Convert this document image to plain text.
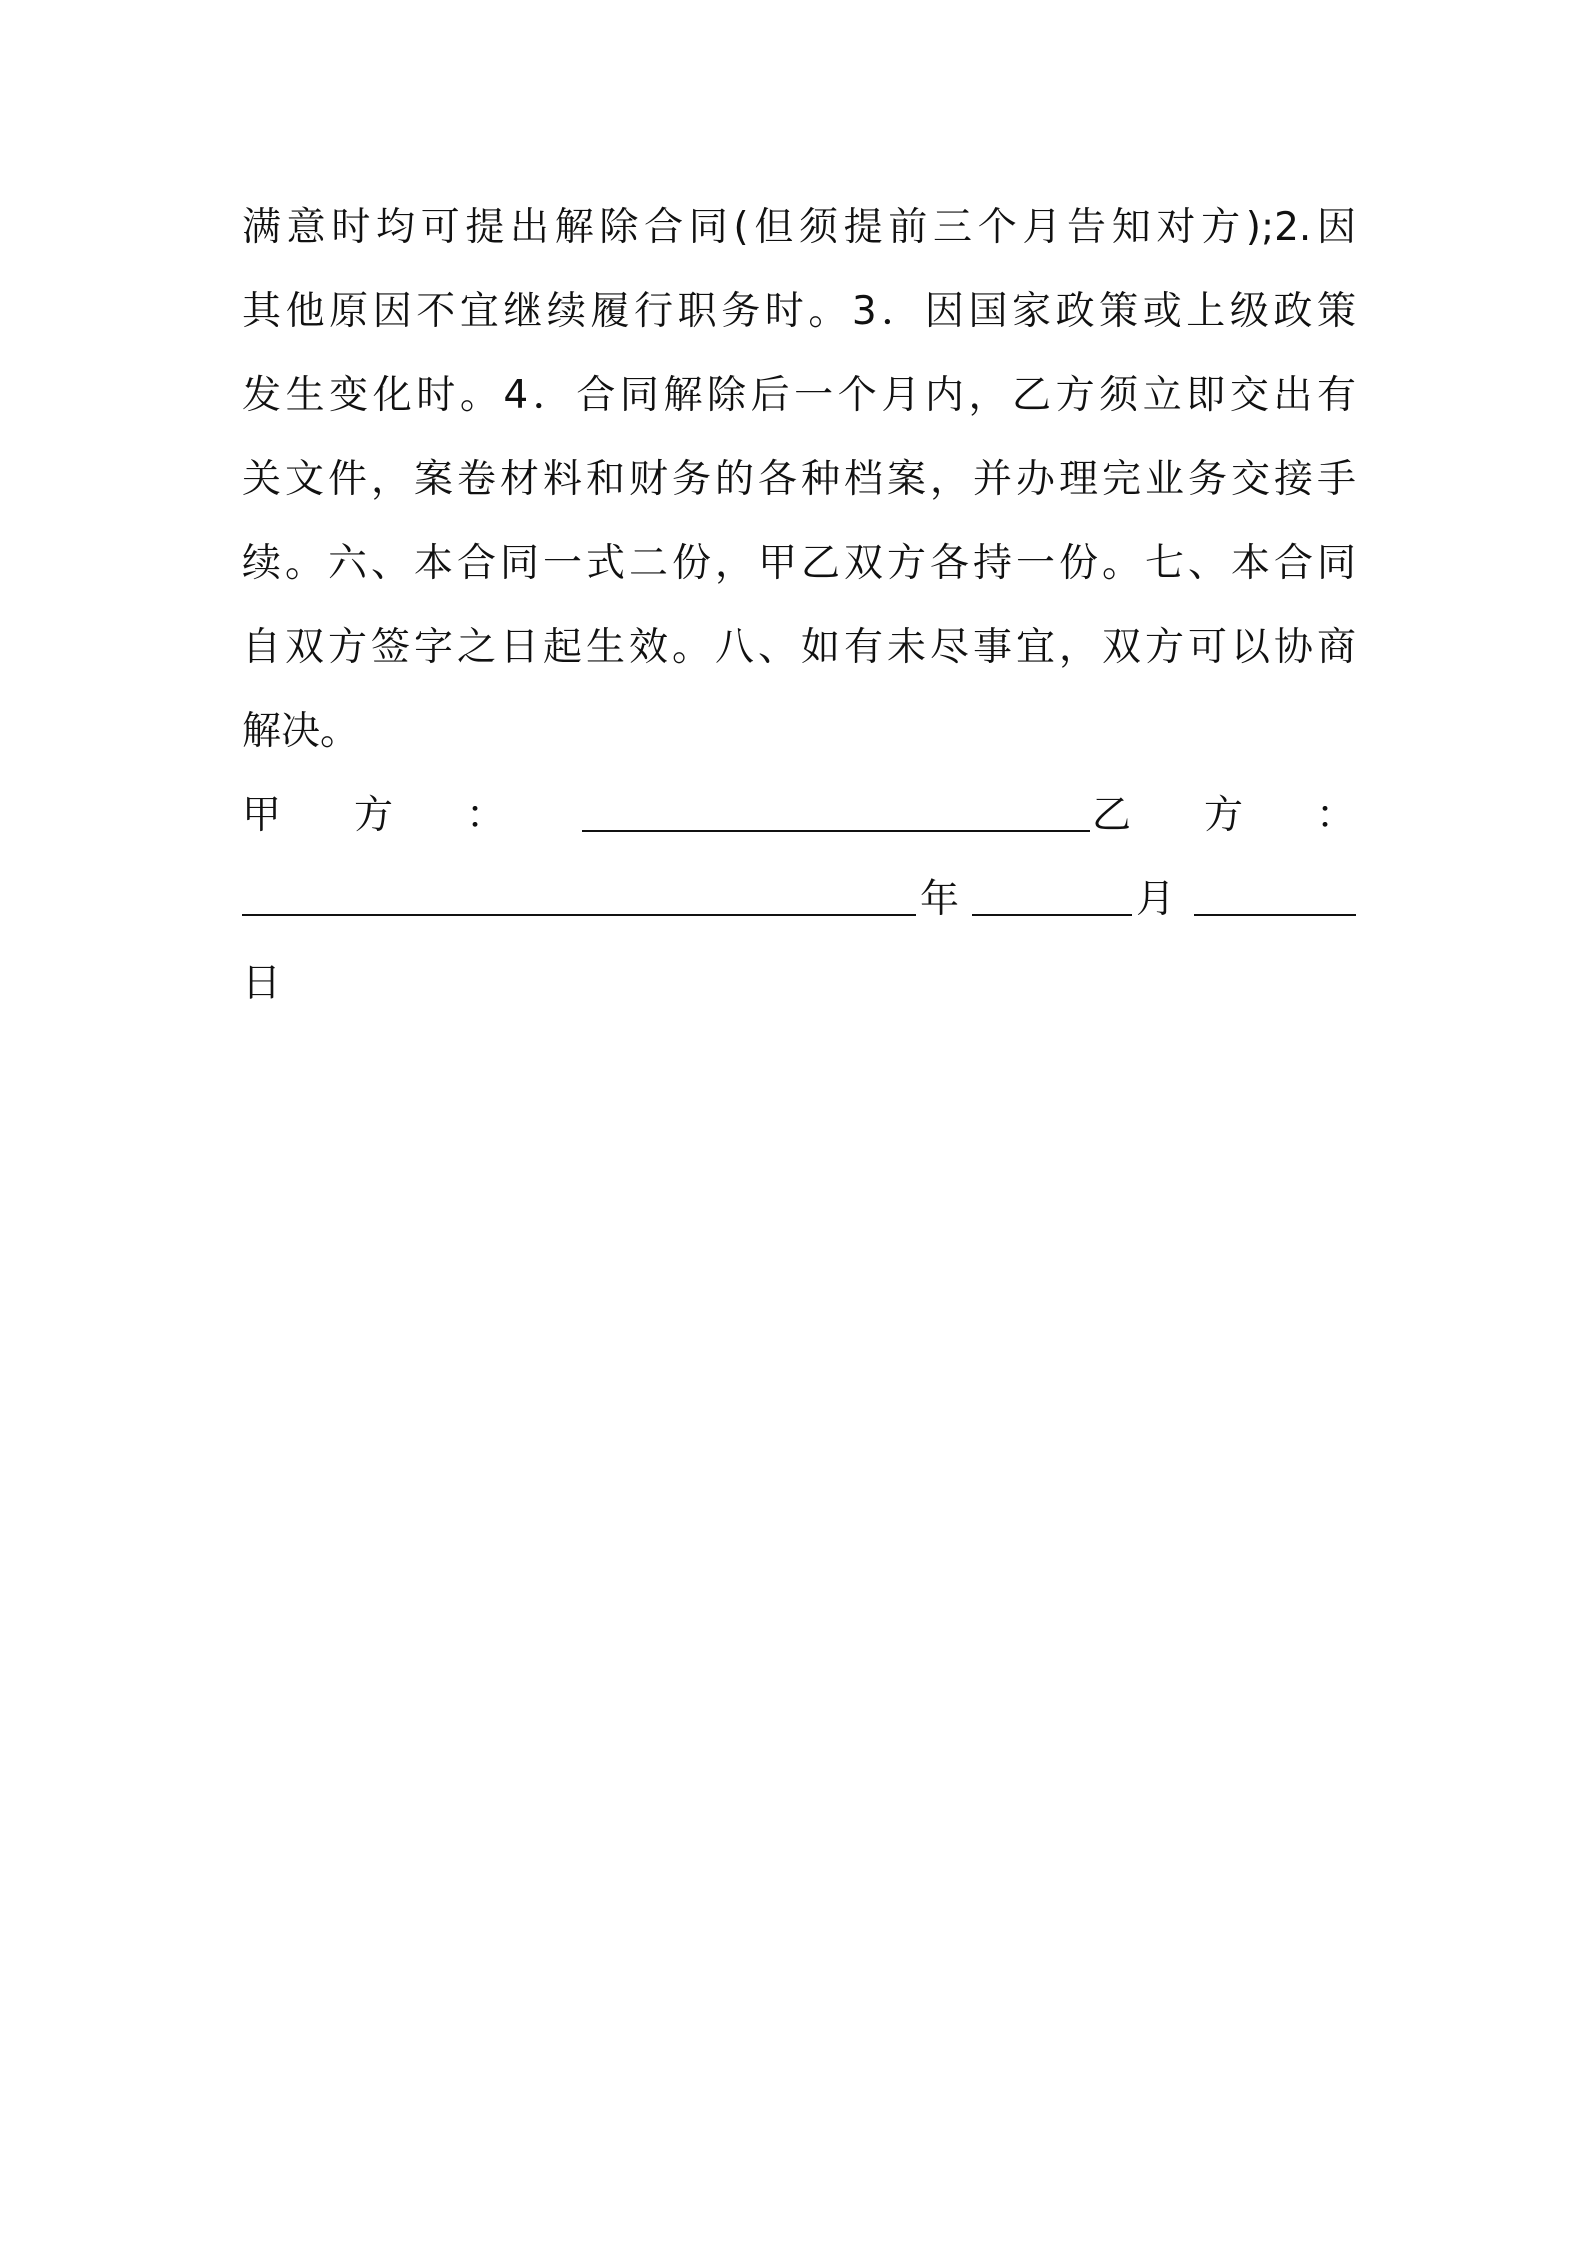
满意时均可提出解除合同(但须提前三个月告知对方);2.因
其他原因不宜继续履行职务时。3．因国家政策或上级政策
发生变化时。4．合同解除后一个月内，乙方须立即交出有
关文件，案卷材料和财务的各种档案，并办理完业务交接手
续。六、本合同一式二份，甲乙双方各持一份。七、本合同
自双方签字之日起生效。八、如有未尽事宜，双方可以协商
解决。
甲 方 ：	乙 方 ：
年	月
日
